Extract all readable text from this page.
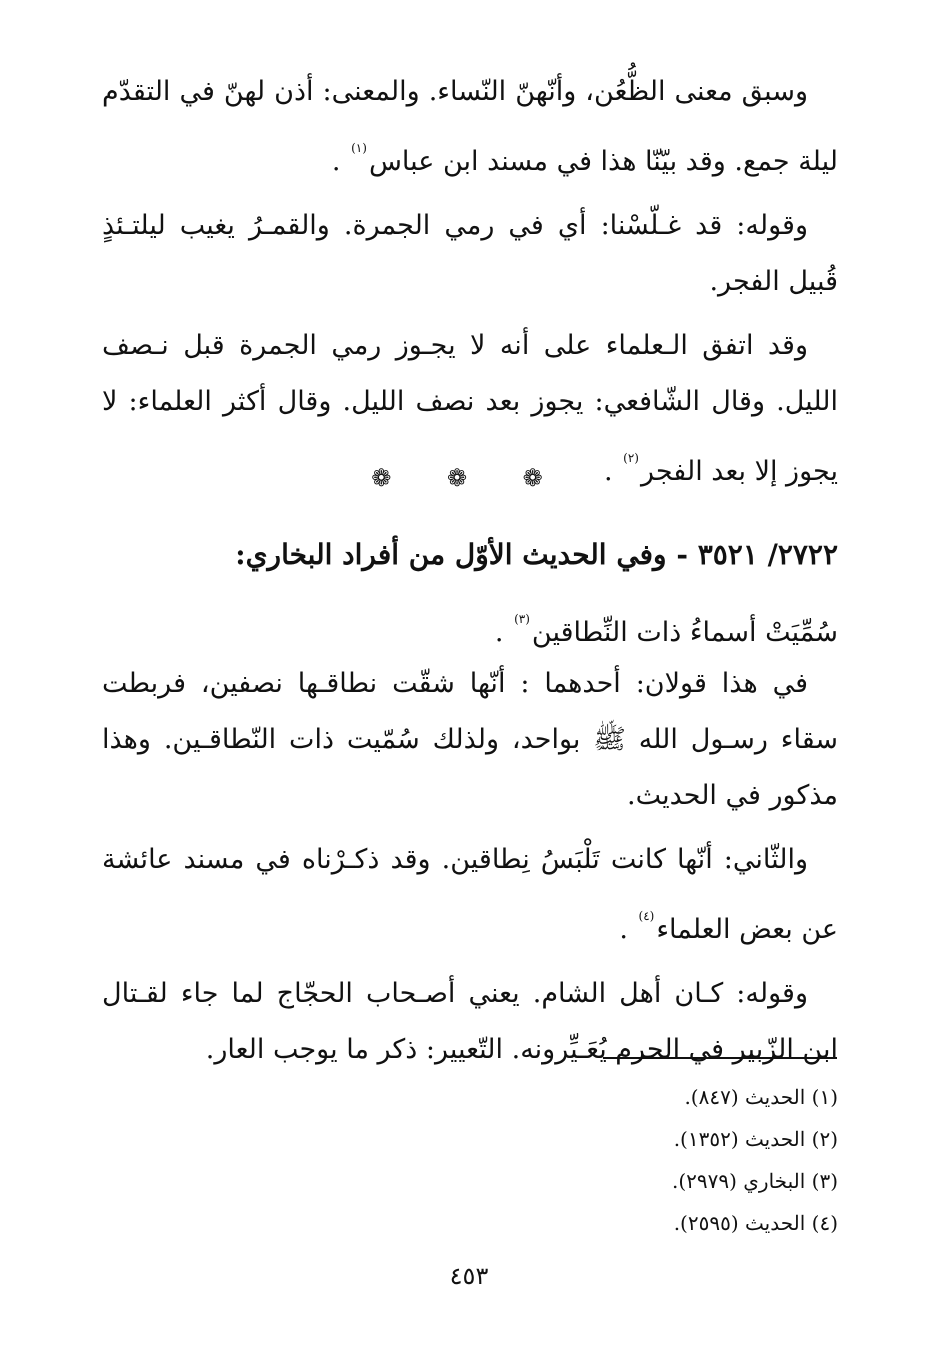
وسبق معنى الظُّعُن، وأنّهنّ النّساء. والمعنى: أذن لهنّ في التقدّم ليلة جمع. وقد بيّنّا هذا في مسند ابن عباس$^{(١)}$ .

وقوله: قد غـلّسْنا: أي في رمي الجمرة. والقمـرُ يغيب ليلتـئذٍ قُبيل الفجر.

وقد اتفق الـعلماء على أنه لا يجـوز رمي الجمرة قبل نـصف الليل. وقال الشّافعي: يجوز بعد نصف الليل. وقال أكثر العلماء: لا يجوز إلا بعد الفجر$^{(٢)}$ .

❁ ❁ ❁
٢٧٢٢/ ٣٥٢١ - وفي الحديث الأوّل من أفراد البخاري:
سُمِّيَتْ أسماءُ ذات النِّطاقين$^{(٣)}$ .

في هذا قولان: أحدهما : أنّها شقّت نطاقـها نصفين، فربطت سقاء رسـول الله ﷺ بواحد، ولذلك سُمّيت ذات النّطاقـين. وهذا مذكور في الحديث.

والثّاني: أنّها كانت تَلْبَسُ نِطاقين. وقد ذكـرْناه في مسند عائشة عن بعض العلماء$^{(٤)}$ .

وقوله: كـان أهل الشام. يعني أصـحاب الحجّاج لما جاء لقـتال ابن الزّبير في الحرم يُعَـيِّرونه. التّعيير: ذكر ما يوجب العار.

(١) الحديث (٨٤٧).

(٢) الحديث (١٣٥٢).

(٣) البخاري (٢٩٧٩).

(٤) الحديث (٢٥٩٥).

٤٥٣
